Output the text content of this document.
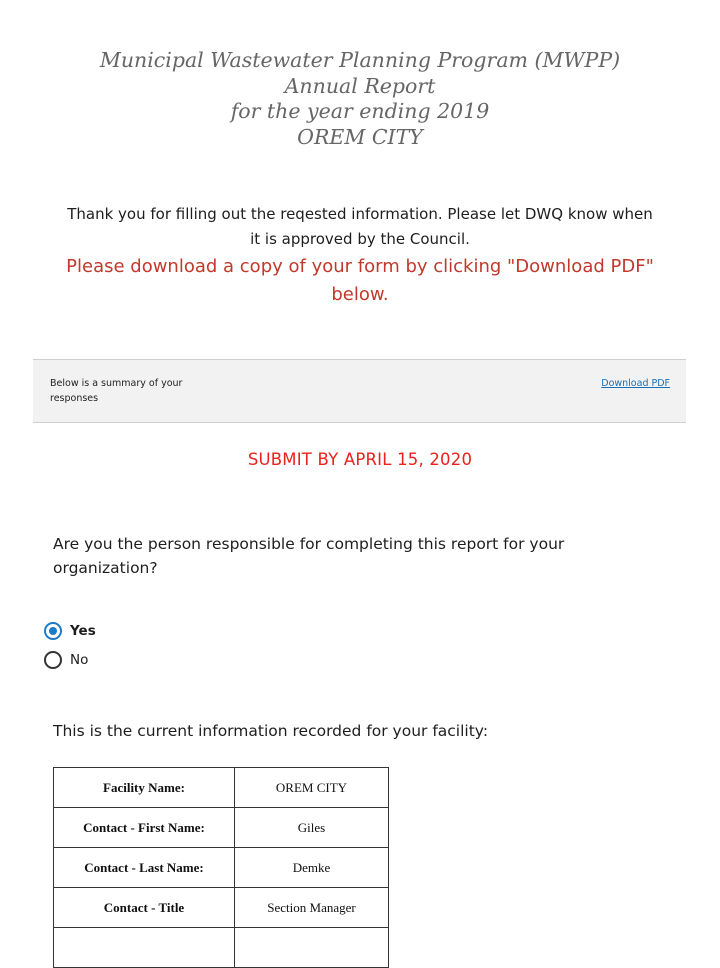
Municipal Wastewater Planning Program (MWPP)
Annual Report
for the year ending 2019
OREM CITY
Thank you for filling out the reqested information. Please let DWQ know when it is approved by the Council.
Please download a copy of your form by clicking "Download PDF" below.
Below is a summary of your responses
Download PDF
SUBMIT BY APRIL 15, 2020
Are you the person responsible for completing this report for your organization?
Yes
No
This is the current information recorded for your facility:
Facility Name:	OREM CITY
Contact - First Name:	Giles
Contact - Last Name:	Demke
Contact - Title	Section Manager
